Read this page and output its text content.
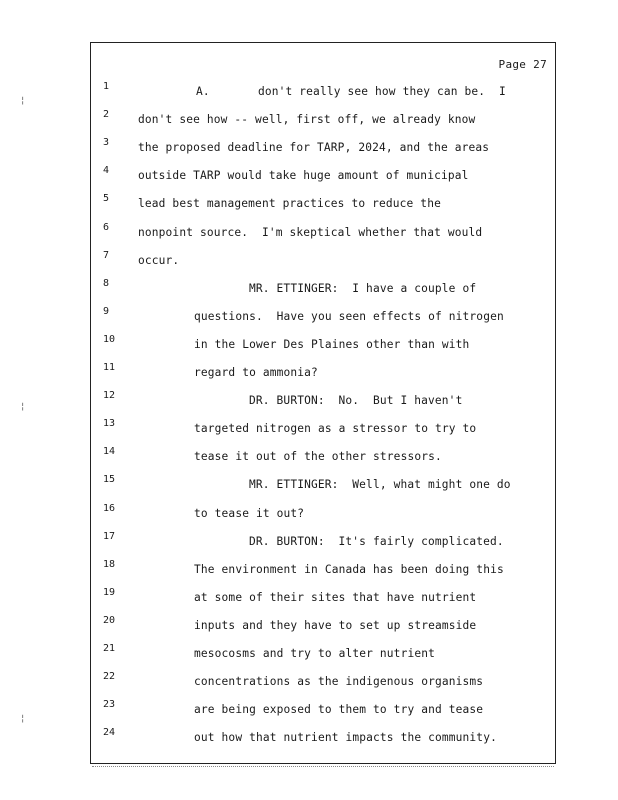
Page 27
1	A.       don't really see how they can be.  I
2	don't see how -- well, first off, we already know
3	the proposed deadline for TARP, 2024, and the areas
4	outside TARP would take huge amount of municipal
5	lead best management practices to reduce the
6	nonpoint source.  I'm skeptical whether that would
7	occur.
8	MR. ETTINGER:  I have a couple of
9	questions.  Have you seen effects of nitrogen
10	in the Lower Des Plaines other than with
11	regard to ammonia?
12	DR. BURTON:  No.  But I haven't
13	targeted nitrogen as a stressor to try to
14	tease it out of the other stressors.
15	MR. ETTINGER:  Well, what might one do
16	to tease it out?
17	DR. BURTON:  It's fairly complicated.
18	The environment in Canada has been doing this
19	at some of their sites that have nutrient
20	inputs and they have to set up streamside
21	mesocosms and try to alter nutrient
22	concentrations as the indigenous organisms
23	are being exposed to them to try and tease
24	out how that nutrient impacts the community.
¦
¦
¦
